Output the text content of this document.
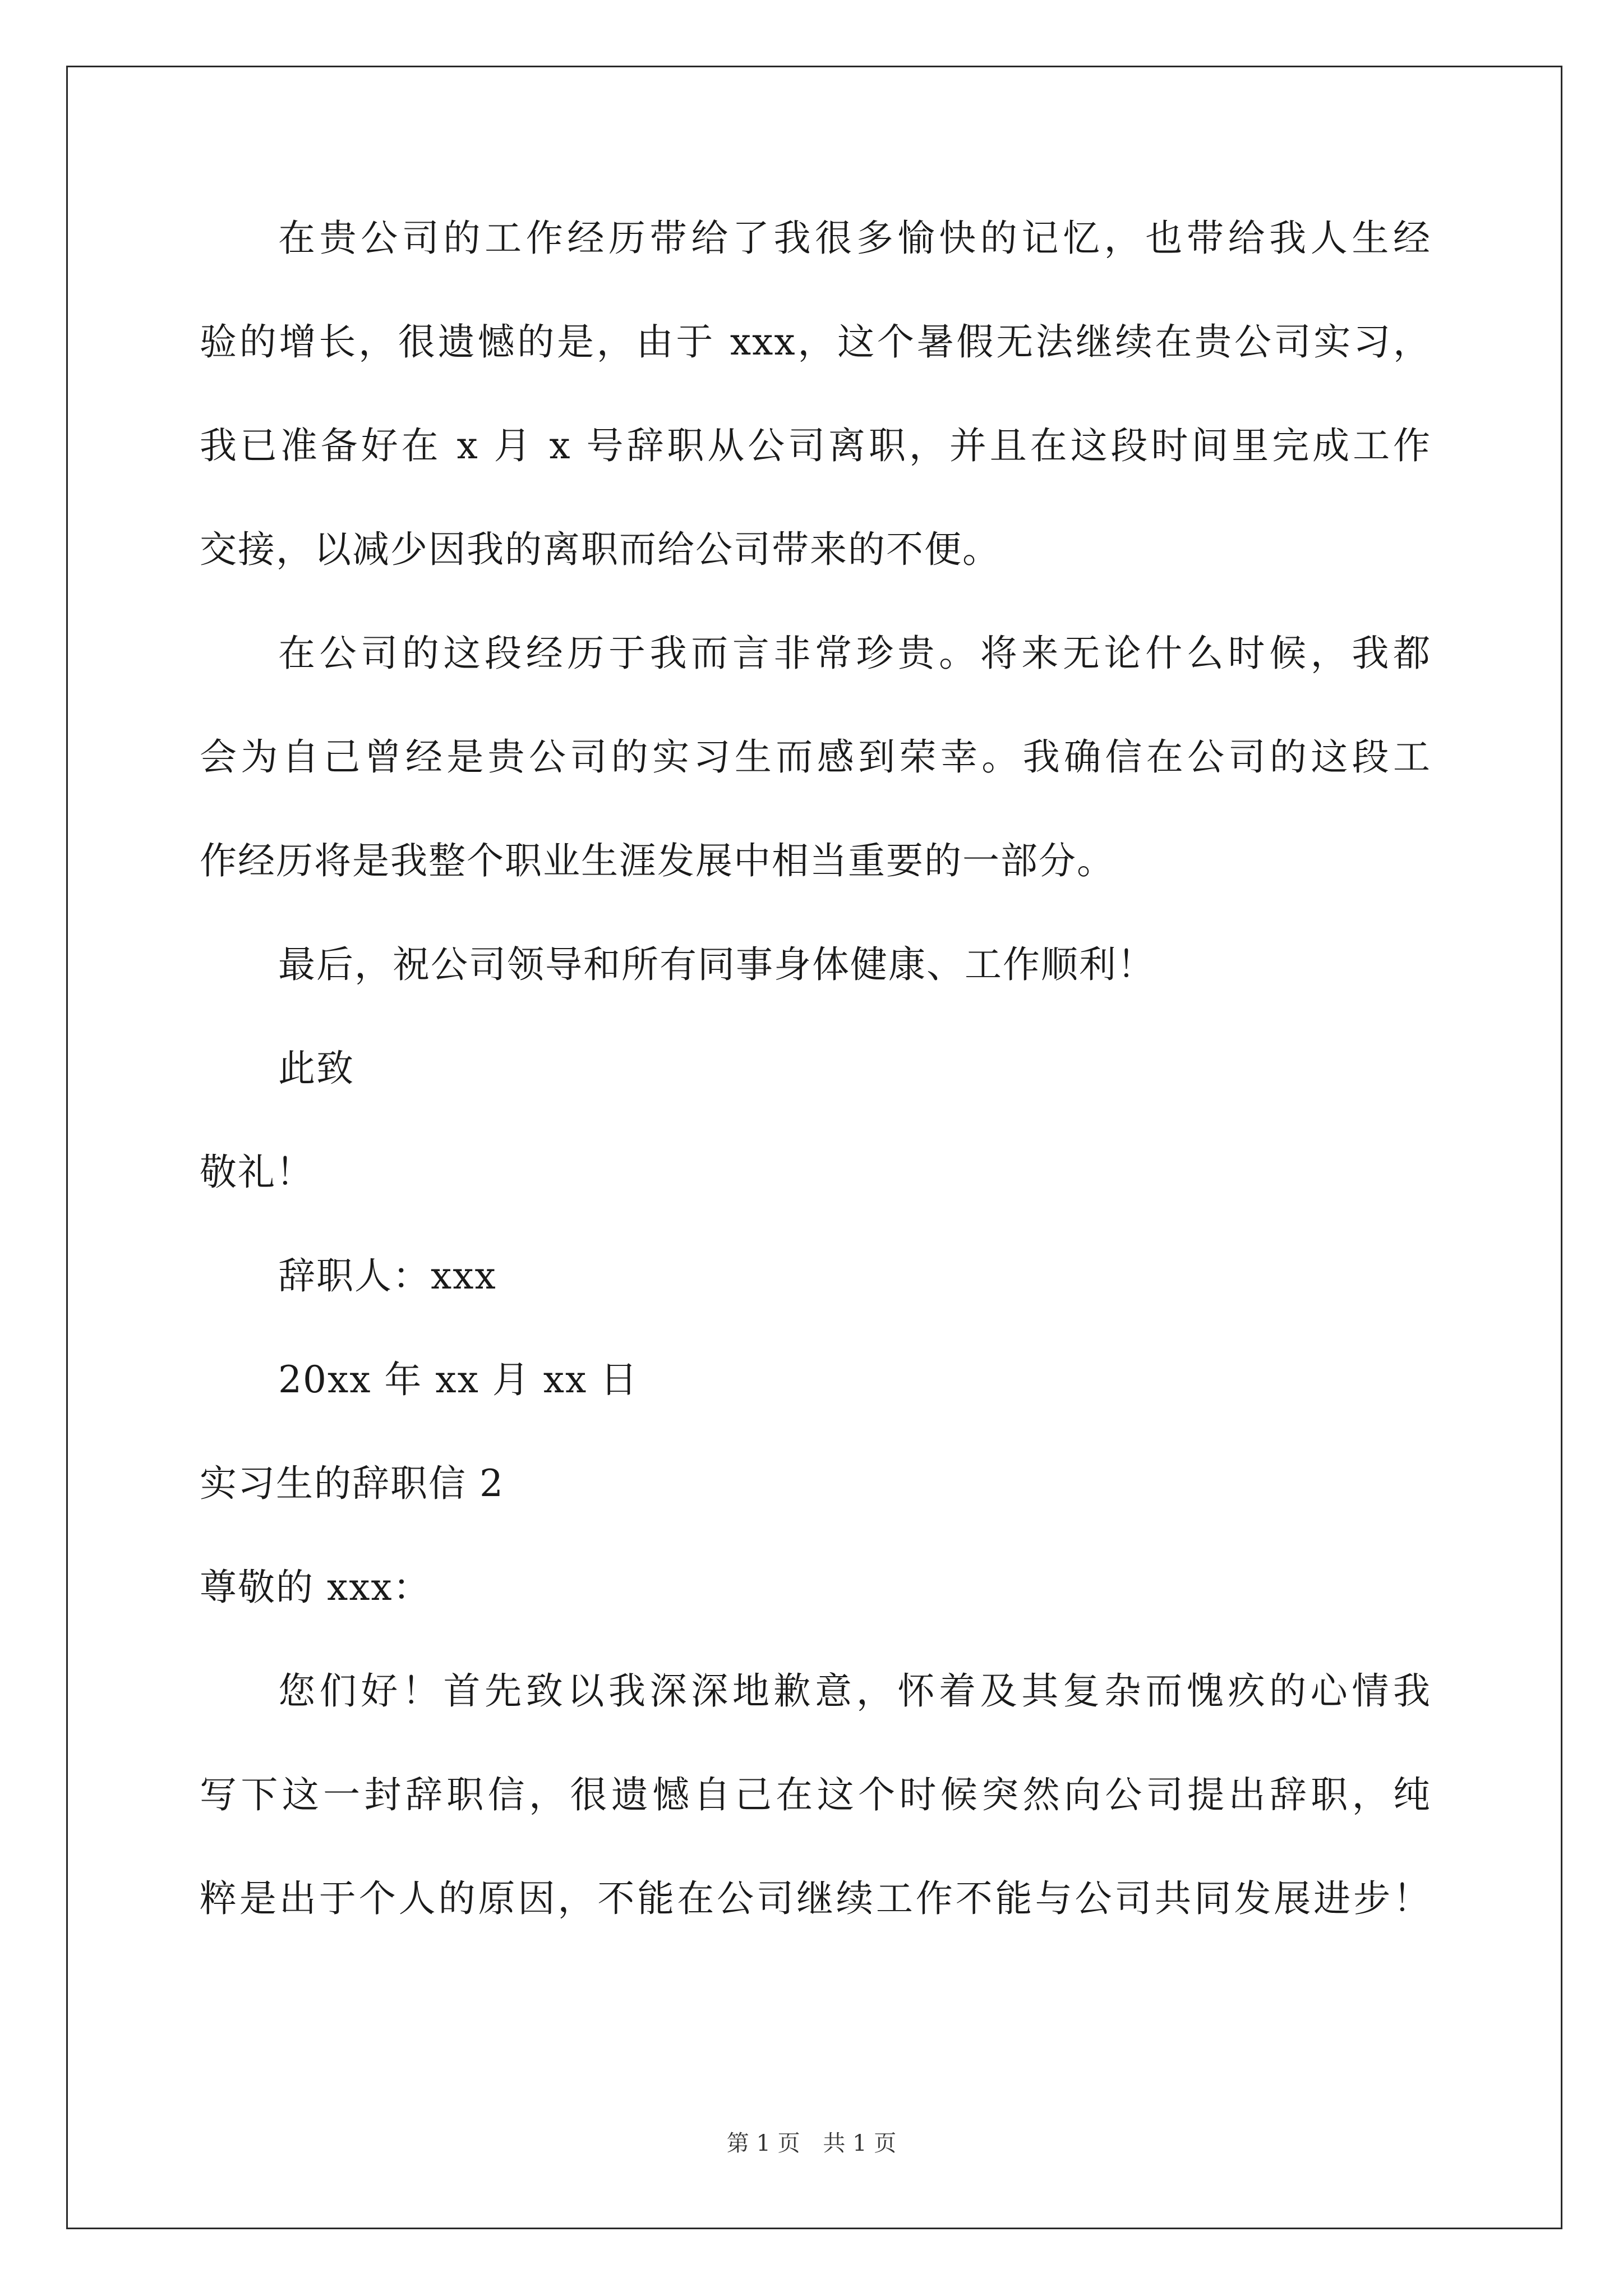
在贵公司的工作经历带给了我很多愉快的记忆，也带给我人生经
验的增长，很遗憾的是，由于 xxx，这个暑假无法继续在贵公司实习，
我已准备好在 x 月 x 号辞职从公司离职，并且在这段时间里完成工作
交接，以减少因我的离职而给公司带来的不便。
在公司的这段经历于我而言非常珍贵。将来无论什么时候，我都
会为自己曾经是贵公司的实习生而感到荣幸。我确信在公司的这段工
作经历将是我整个职业生涯发展中相当重要的一部分。
最后，祝公司领导和所有同事身体健康、工作顺利！
此致
敬礼！
辞职人：xxx
20xx 年 xx 月 xx 日
实习生的辞职信 2
尊敬的 xxx：
您们好！首先致以我深深地歉意，怀着及其复杂而愧疚的心情我
写下这一封辞职信，很遗憾自己在这个时候突然向公司提出辞职，纯
粹是出于个人的原因，不能在公司继续工作不能与公司共同发展进步！
第 1 页 共 1 页
